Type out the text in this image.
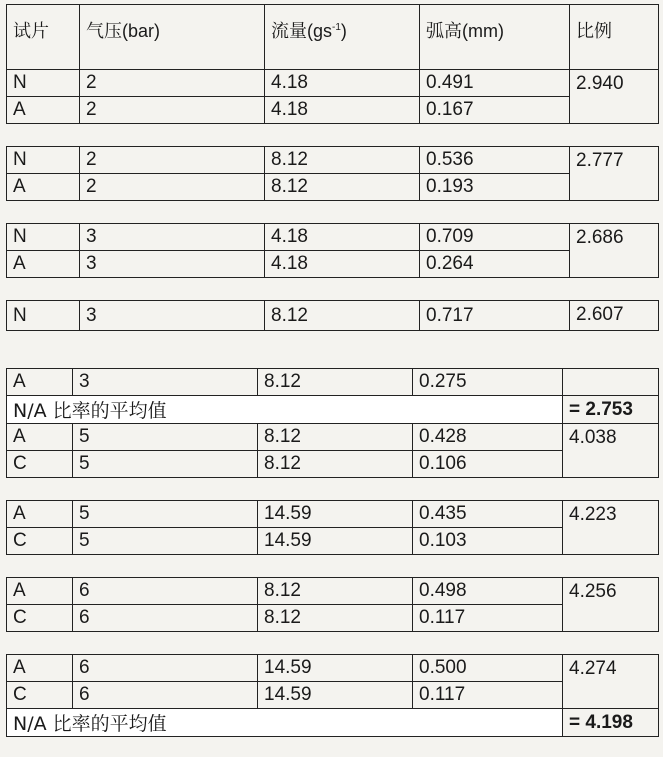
试片	气压(bar)	流量$(gs^{-1})$	弧高(mm)	比例
N	2	4.18	0.491	2.940
A	2	4.18	0.167	

N	2	8.12	0.536	2.777
A	2	8.12	0.193	

N	3	4.18	0.709	2.686
A	3	4.18	0.264	

N	3	8.12	0.717	2.607
A	3	8.12	0.275	
N/A 比率的平均值				= 2.753
A	5	8.12	0.428	4.038
C	5	8.12	0.106	

A	5	14.59	0.435	4.223
C	5	14.59	0.103	

A	6	8.12	0.498	4.256
C	6	8.12	0.117	

A	6	14.59	0.500	4.274
C	6	14.59	0.117	
N/A 比率的平均值				= 4.198
